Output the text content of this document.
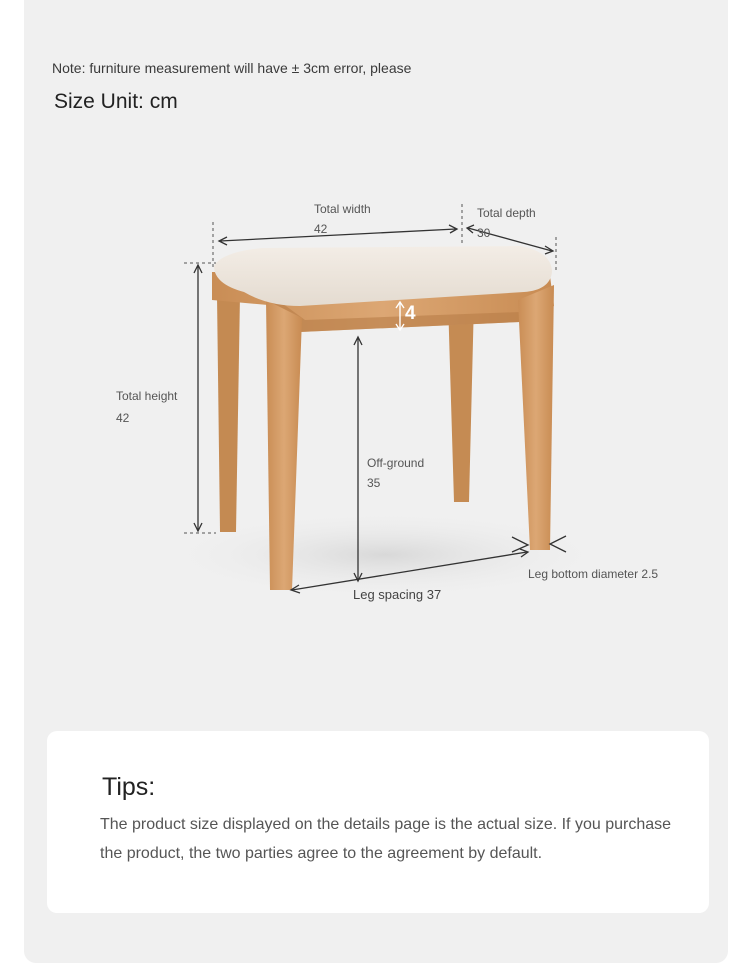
Note: furniture measurement will have ± 3cm error, please
Size Unit: cm
Total width
42
Total depth
30
Total height
42
Off-ground
35
4
Leg spacing 37
Leg bottom diameter 2.5
Tips:
The product size displayed on the details page is the actual size. If you purchase the product, the two parties agree to the agreement by default.
